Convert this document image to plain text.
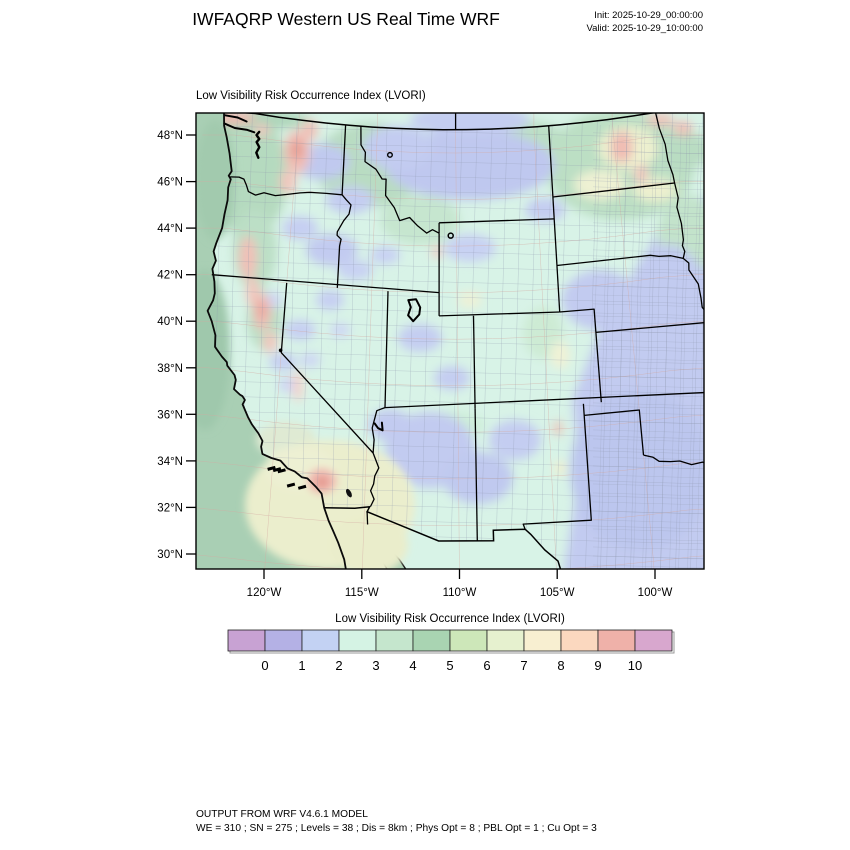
IWFAQRP Western US Real Time WRF	Init: 2025-10-29_00:00:00
Valid: 2025-10-29_10:00:00
Low Visibility Risk Occurrence Index (LVORI)
48°N
46°N
44°N
42°N
40°N
38°N
36°N
34°N
32°N
30°N
120°W	115°W	110°W	105°W	100°W
Low Visibility Risk Occurrence Index (LVORI)
0 1 2 3 4 5 6 7 8 9 10
OUTPUT FROM WRF V4.6.1 MODEL
WE = 310 ; SN = 275 ; Levels = 38 ; Dis = 8km ; Phys Opt = 8 ; PBL Opt = 1 ; Cu Opt = 3
